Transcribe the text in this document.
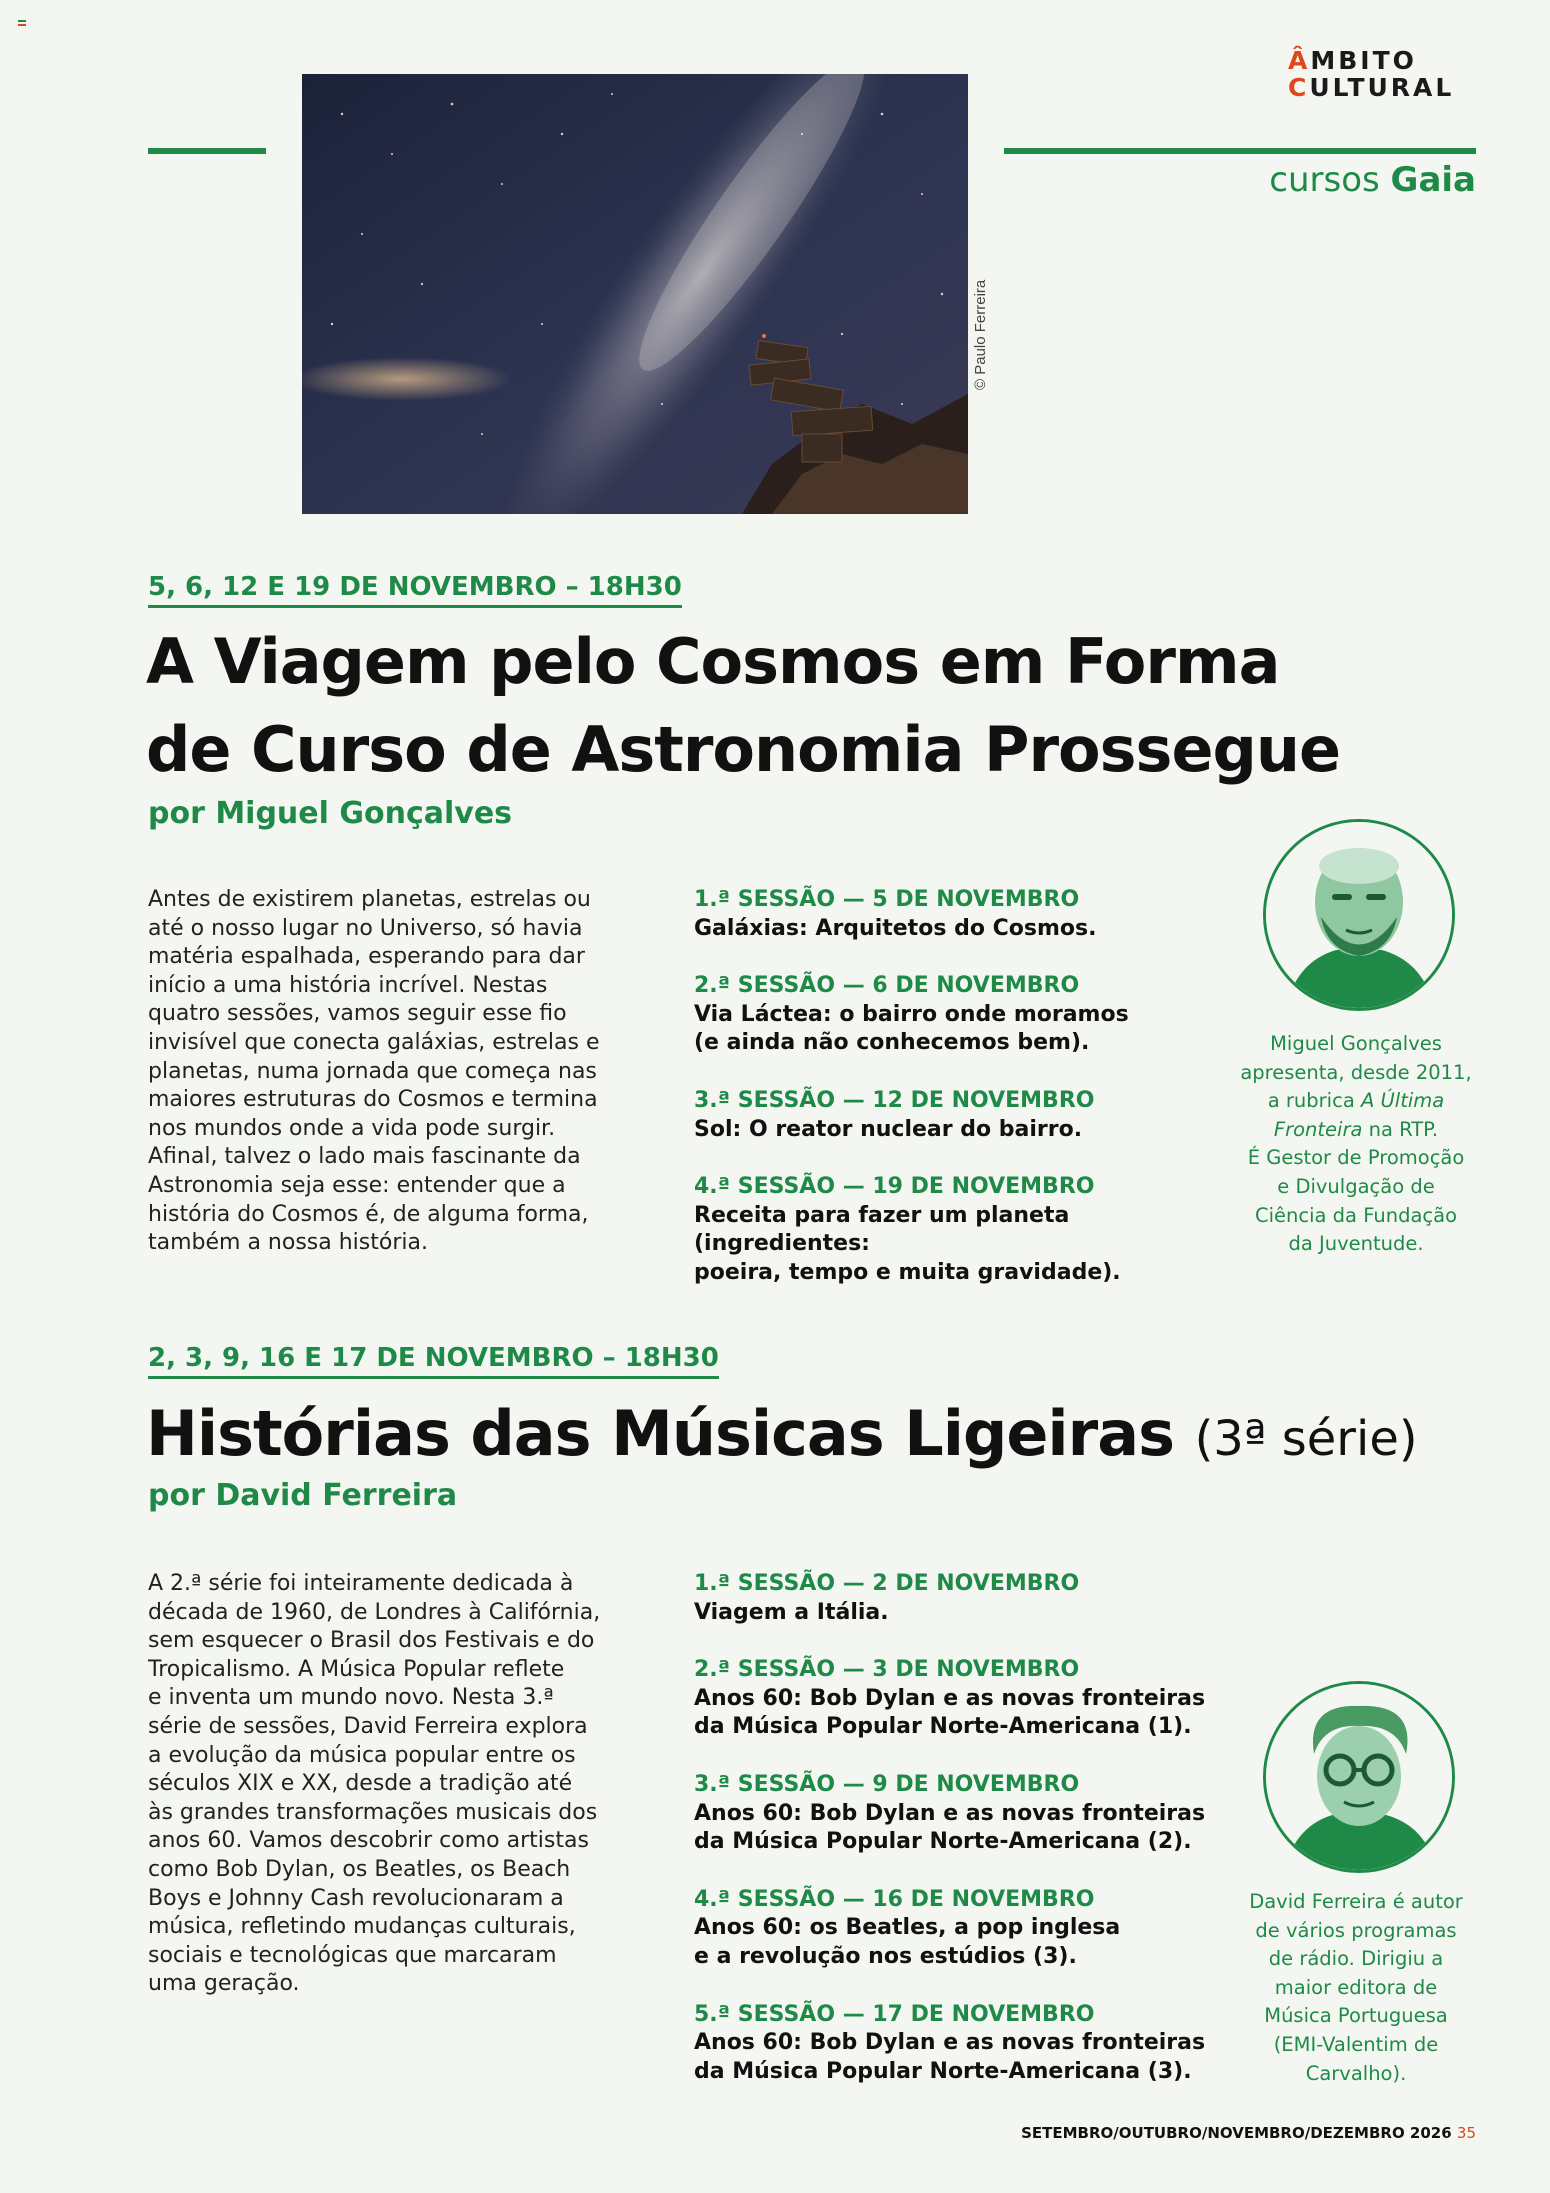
ÂMBITO
CULTURAL
cursos Gaia
© Paulo Ferreira
5, 6, 12 E 19 DE NOVEMBRO – 18H30
A Viagem pelo Cosmos em Forma
de Curso de Astronomia Prossegue
por Miguel Gonçalves
Antes de existirem planetas, estrelas ou
até o nosso lugar no Universo, só havia
matéria espalhada, esperando para dar
início a uma história incrível. Nestas
quatro sessões, vamos seguir esse fio
invisível que conecta galáxias, estrelas e
planetas, numa jornada que começa nas
maiores estruturas do Cosmos e termina
nos mundos onde a vida pode surgir.
Afinal, talvez o lado mais fascinante da
Astronomia seja esse: entender que a
história do Cosmos é, de alguma forma,
também a nossa história.
1.ª SESSÃO — 5 DE NOVEMBRO
Galáxias: Arquitetos do Cosmos.
2.ª SESSÃO — 6 DE NOVEMBRO
Via Láctea: o bairro onde moramos
(e ainda não conhecemos bem).
3.ª SESSÃO — 12 DE NOVEMBRO
Sol: O reator nuclear do bairro.
4.ª SESSÃO — 19 DE NOVEMBRO
Receita para fazer um planeta (ingredientes:
poeira, tempo e muita gravidade).
Miguel Gonçalves
apresenta, desde 2011,
a rubrica A Última
Fronteira na RTP.
É Gestor de Promoção
e Divulgação de
Ciência da Fundação
da Juventude.
2, 3, 9, 16 E 17 DE NOVEMBRO – 18H30
Histórias das Músicas Ligeiras (3ª série)
por David Ferreira
A 2.ª série foi inteiramente dedicada à
década de 1960, de Londres à Califórnia,
sem esquecer o Brasil dos Festivais e do
Tropicalismo. A Música Popular reflete
e inventa um mundo novo. Nesta 3.ª
série de sessões, David Ferreira explora
a evolução da música popular entre os
séculos XIX e XX, desde a tradição até
às grandes transformações musicais dos
anos 60. Vamos descobrir como artistas
como Bob Dylan, os Beatles, os Beach
Boys e Johnny Cash revolucionaram a
música, refletindo mudanças culturais,
sociais e tecnológicas que marcaram
uma geração.
1.ª SESSÃO — 2 DE NOVEMBRO
Viagem a Itália.
2.ª SESSÃO — 3 DE NOVEMBRO
Anos 60: Bob Dylan e as novas fronteiras
da Música Popular Norte-Americana (1).
3.ª SESSÃO — 9 DE NOVEMBRO
Anos 60: Bob Dylan e as novas fronteiras
da Música Popular Norte-Americana (2).
4.ª SESSÃO — 16 DE NOVEMBRO
Anos 60: os Beatles, a pop inglesa
e a revolução nos estúdios (3).
5.ª SESSÃO — 17 DE NOVEMBRO
Anos 60: Bob Dylan e as novas fronteiras
da Música Popular Norte-Americana (3).
David Ferreira é autor
de vários programas
de rádio. Dirigiu a
maior editora de
Música Portuguesa
(EMI-Valentim de
Carvalho).
SETEMBRO/OUTUBRO/NOVEMBRO/DEZEMBRO 2026 35
